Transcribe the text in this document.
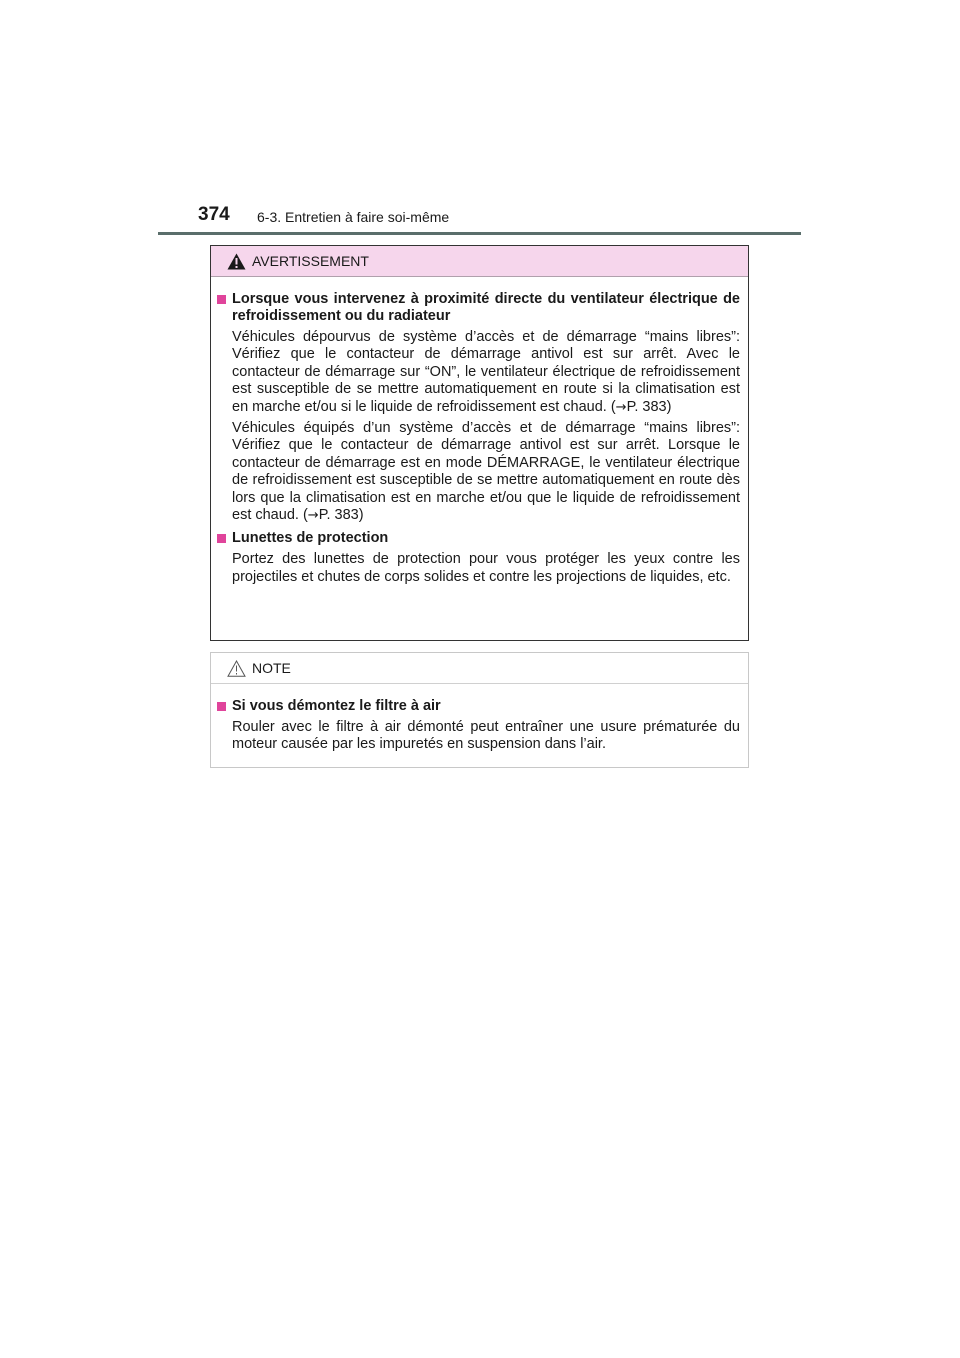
374 6-3. Entretien à faire soi-même
AVERTISSEMENT
Lorsque vous intervenez à proximité directe du ventilateur électrique de refroidissement ou du radiateur
Véhicules dépourvus de système d’accès et de démarrage “mains libres”: Vérifiez que le contacteur de démarrage antivol est sur arrêt. Avec le contacteur de démarrage sur “ON”, le ventilateur électrique de refroidissement est susceptible de se mettre automatiquement en route si la climatisation est en marche et/ou si le liquide de refroidissement est chaud. (→P. 383)
Véhicules équipés d’un système d’accès et de démarrage “mains libres”: Vérifiez que le contacteur de démarrage antivol est sur arrêt. Lorsque le contacteur de démarrage est en mode DÉMARRAGE, le ventilateur électrique de refroidissement est susceptible de se mettre automatiquement en route dès lors que la climatisation est en marche et/ou que le liquide de refroidissement est chaud. (→P. 383)
Lunettes de protection
Portez des lunettes de protection pour vous protéger les yeux contre les projectiles et chutes de corps solides et contre les projections de liquides, etc.
NOTE
Si vous démontez le filtre à air
Rouler avec le filtre à air démonté peut entraîner une usure prématurée du moteur causée par les impuretés en suspension dans l’air.
